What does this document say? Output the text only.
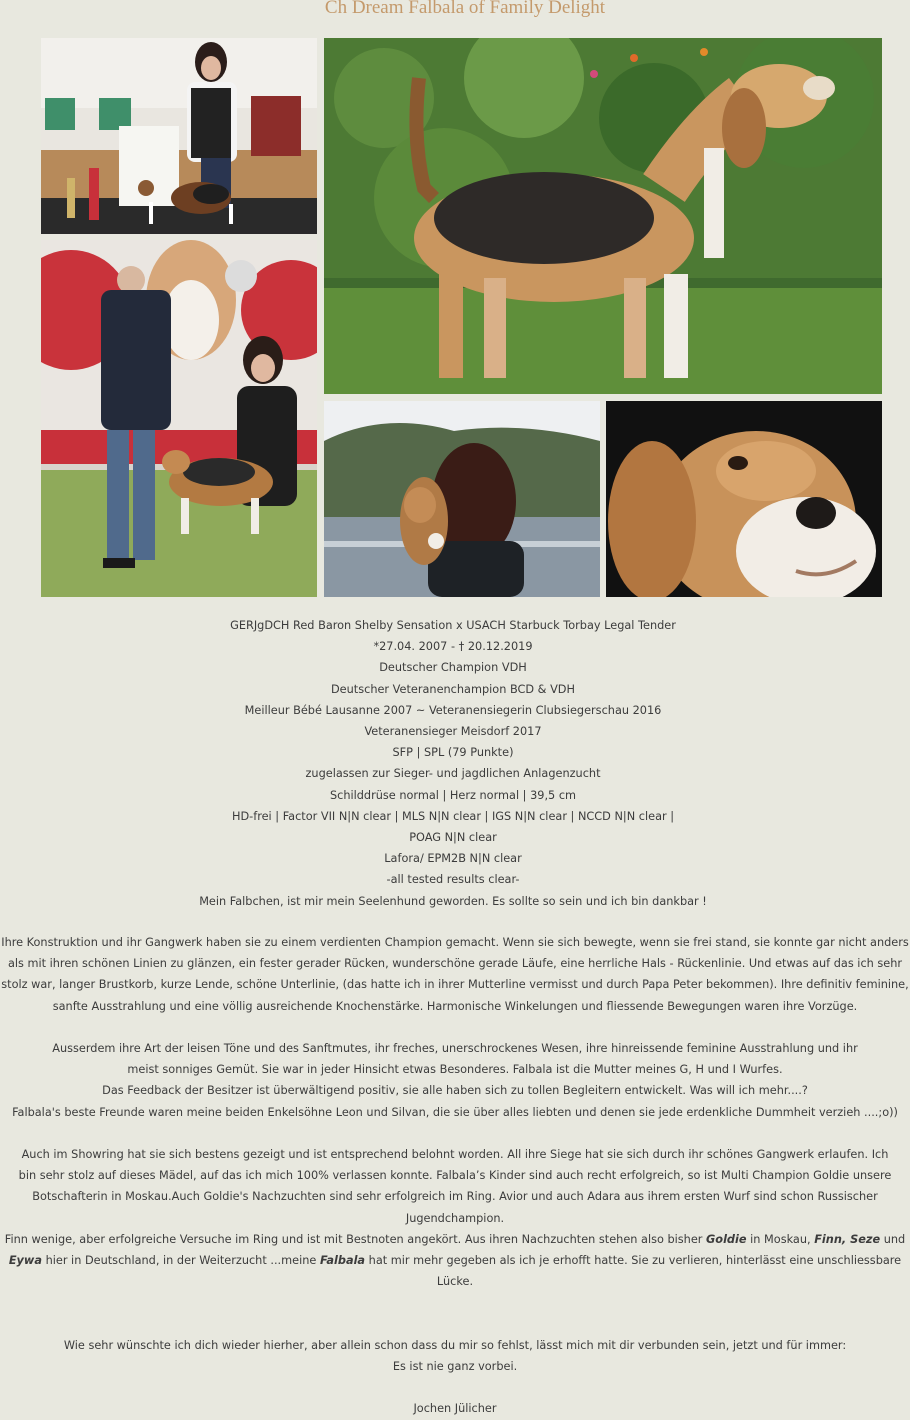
Ch Dream Falbala of Family Delight

GERJgDCH Red Baron Shelby Sensation x USACH Starbuck Torbay Legal Tender

*27.04. 2007 - † 20.12.2019

Deutscher Champion VDH

Deutscher Veteranenchampion BCD & VDH

Meilleur Bébé Lausanne 2007 ~ Veteranensiegerin Clubsiegerschau 2016

Veteranensieger Meisdorf 2017

SFP | SPL (79 Punkte)

zugelassen zur Sieger- und jagdlichen Anlagenzucht

Schilddrüse normal | Herz normal | 39,5 cm

HD-frei | Factor VII N|N clear | MLS N|N clear | IGS N|N clear | NCCD N|N clear |

POAG N|N clear

Lafora/ EPM2B N|N clear

-all tested results clear-

Mein Falbchen, ist mir mein Seelenhund geworden. Es sollte so sein und ich bin dankbar !

Ihre Konstruktion und ihr Gangwerk haben sie zu einem verdienten Champion gemacht. Wenn sie sich bewegte, wenn sie frei stand, sie konnte gar nicht anders als mit ihren schönen Linien zu glänzen, ein fester gerader Rücken, wunderschöne gerade Läufe, eine herrliche Hals - Rückenlinie. Und etwas auf das ich sehr stolz war, langer Brustkorb, kurze Lende, schöne Unterlinie, (das hatte ich in ihrer Mutterline vermisst und durch Papa Peter bekommen). Ihre definitiv feminine, sanfte Ausstrahlung und eine völlig ausreichende Knochenstärke. Harmonische Winkelungen und fliessende Bewegungen waren ihre Vorzüge.

Ausserdem ihre Art der leisen Töne und des Sanftmutes, ihr freches, unerschrockenes Wesen, ihre hinreissende feminine Ausstrahlung und ihr meist sonniges Gemüt. Sie war in jeder Hinsicht etwas Besonderes. Falbala ist die Mutter meines G, H und I Wurfes.

Das Feedback der Besitzer ist überwältigend positiv, sie alle haben sich zu tollen Begleitern entwickelt. Was will ich mehr....?

Falbala's beste Freunde waren meine beiden Enkelsöhne Leon und Silvan, die sie über alles liebten und denen sie jede erdenkliche Dummheit verzieh ....;o))

Auch im Showring hat sie sich bestens gezeigt und ist entsprechend belohnt worden. All ihre Siege hat sie sich durch ihr schönes Gangwerk erlaufen. Ich bin sehr stolz auf dieses Mädel, auf das ich mich 100% verlassen konnte. Falbala’s Kinder sind auch recht erfolgreich, so ist Multi Champion Goldie unsere Botschafterin in Moskau.Auch Goldie's Nachzuchten sind sehr erfolgreich im Ring. Avior und auch Adara aus ihrem ersten Wurf sind schon Russischer Jugendchampion.

Finn wenige, aber erfolgreiche Versuche im Ring und ist mit Bestnoten angekört. Aus ihren Nachzuchten stehen also bisher Goldie in Moskau, Finn, Seze und Eywa hier in Deutschland, in der Weiterzucht ...meine Falbala hat mir mehr gegeben als ich je erhofft hatte. Sie zu verlieren, hinterlässt eine unschliessbare Lücke.

Wie sehr wünschte ich dich wieder hierher, aber allein schon dass du mir so fehlst, lässt mich mit dir verbunden sein, jetzt und für immer:

Es ist nie ganz vorbei.

Jochen Jülicher
